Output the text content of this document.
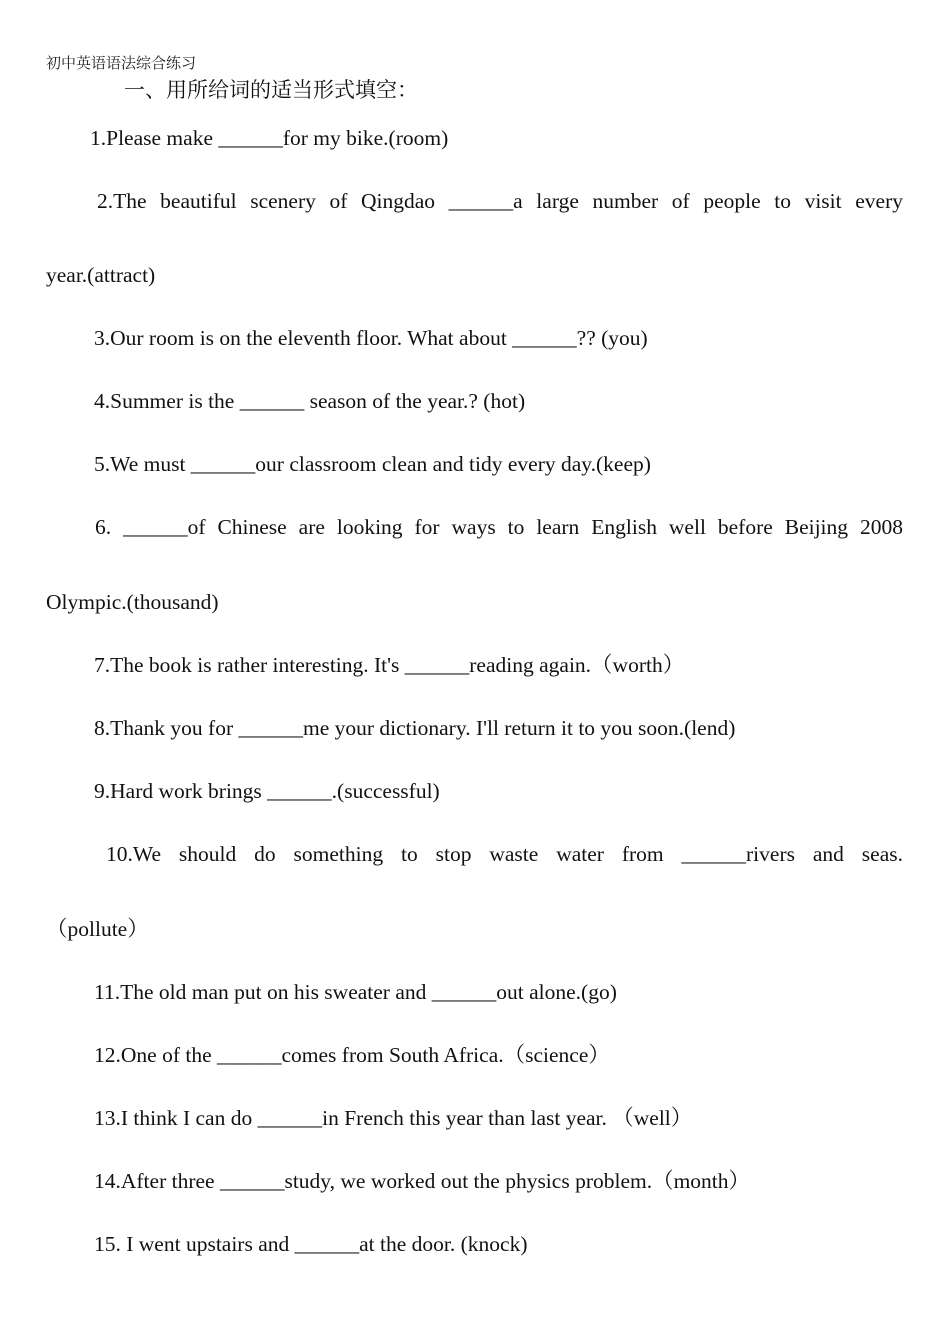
初中英语语法综合练习
一、用所给词的适当形式填空：
1.Please make ______for my bike.(room)
2.The beautiful scenery of Qingdao ______a large number of people to visit every
year.(attract)
3.Our room is on the eleventh floor. What about ______?? (you)
4.Summer is the ______ season of the year.? (hot)
5.We must ______our classroom clean and tidy every day.(keep)
6. ______of Chinese are looking for ways to learn English well before Beijing 2008
Olympic.(thousand)
7.The book is rather interesting. It's ______reading again.（worth）
8.Thank you for ______me your dictionary. I'll return it to you soon.(lend)
9.Hard work brings ______.(successful)
10.We should do something to stop waste water from ______rivers and seas.
（pollute）
11.The old man put on his sweater and ______out alone.(go)
12.One of the ______comes from South Africa.（science）
13.I think I can do ______in French this year than last year. （well）
14.After three ______study, we worked out the physics problem.（month）
15. I went upstairs and ______at the door. (knock)
